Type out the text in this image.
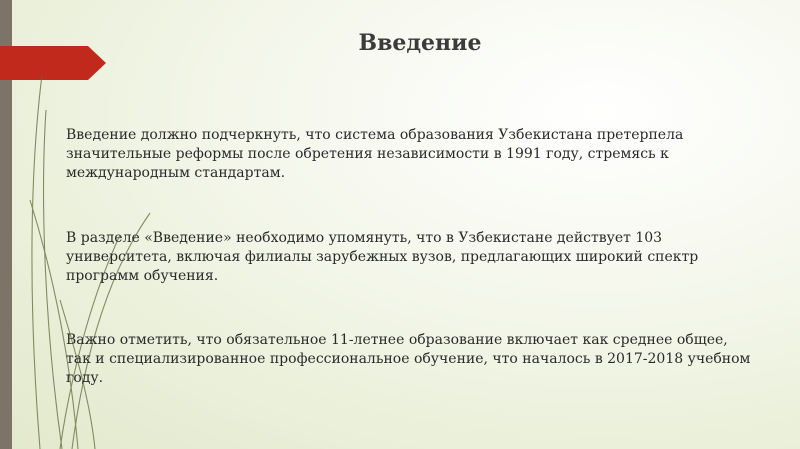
Введение

Введение должно подчеркнуть, что система образования Узбекистана претерпела значительные реформы после обретения независимости в 1991 году, стремясь к международным стандартам.

В разделе «Введение» необходимо упомянуть, что в Узбекистане действует 103 университета, включая филиалы зарубежных вузов, предлагающих широкий спектр программ обучения.

Важно отметить, что обязательное 11-летнее образование включает как среднее общее, так и специализированное профессиональное обучение, что началось в 2017-2018 учебном году.
